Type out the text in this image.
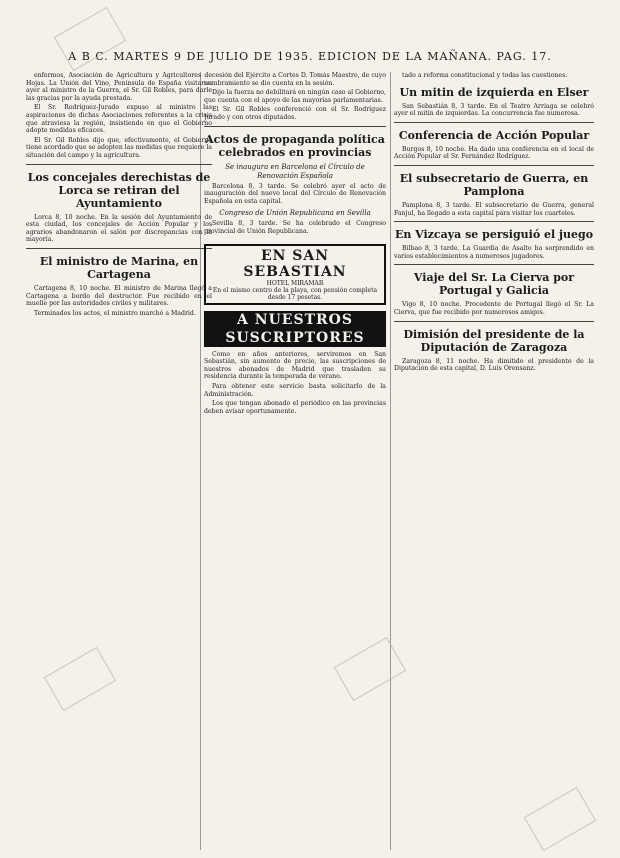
A B C. MARTES 9 DE JULIO DE 1935. EDICION DE LA MAÑANA. PAG. 17.

enfermos, Asociación de Agricultura y Agricultores de Hojas. La Unión del Vino, Peninsula de España visitaron ayer al ministro de la Guerra, el Sr. Gil Robles, para darle las gracias por la ayuda prestada.

El Sr. Rodríguez-Jurado expuso al ministro las aspiraciones de dichas Asociaciones referentes a la crisis que atraviesa la región, insistiendo en que el Gobierno adopte medidas eficaces.

El Sr. Gil Robles dijo que, efectivamente, el Gobierno tiene acordado que se adopten las medidas que requiere la situación del campo y la agricultura.

Los concejales derechistas de Lorca se retiran del Ayuntamiento

Lorca 8, 10 noche. En la sesión del Ayuntamiento de esta ciudad, los concejales de Acción Popular y los agrarios abandonaron el salón por discrepancias con la mayoría.

El ministro de Marina, en Cartagena

Cartagena 8, 10 noche. El ministro de Marina llegó a Cartagena a bordo del destructor. Fue recibido en el muelle por las autoridades civiles y militares.

Terminados los actos, el ministro marchó a Madrid.

cesión del Ejército a Cortes D. Tomás Maestre, de cuyo nombramiento se dio cuenta en la sesión.

Dijo la fuerza no debilitará en ningún caso al Gobierno, que cuenta con el apoyo de las mayorías parlamentarias.

El Sr. Gil Robles conferenció con el Sr. Rodríguez Jurado y con otros diputados.

Actos de propaganda política celebrados en provincias
Se inaugura en Barcelona el Círculo de Renovación Española

Barcelona 8, 3 tarde. Se celebró ayer el acto de inauguración del nuevo local del Círculo de Renovación Española en esta capital.

Congreso de Unión Republicana en Sevilla

Sevilla 8, 3 tarde. Se ha celebrado el Congreso provincial de Unión Republicana.

EN SAN SEBASTIAN
HOTEL MIRAMAR
En el mismo centro de la playa, con pensión completa desde 17 pesetas.
A NUESTROS SUSCRIPTORES

Como en años anteriores, serviremos en San Sebastián, sin aumento de precio, las suscripciones de nuestros abonados de Madrid que trasladen su residencia durante la temporada de verano.

Para obtener este servicio basta solicitarlo de la Administración.

Los que tengan abonado el periódico en las provincias deben avisar oportunamente.

tado a reforma constitucional y todas las cuestiones.

Un mitin de izquierda en Elser

San Sebastián 8, 3 tarde. En el Teatro Arriaga se celebró ayer el mitin de izquierdas. La concurrencia fue numerosa.

Conferencia de Acción Popular

Burgos 8, 10 noche. Ha dado una conferencia en el local de Acción Popular el Sr. Fernández Rodríguez.

El subsecretario de Guerra, en Pamplona

Pamplona 8, 3 tarde. El subsecretario de Guerra, general Fanjul, ha llegado a esta capital para visitar los cuarteles.

En Vizcaya se persiguió el juego

Bilbao 8, 3 tarde. La Guardia de Asalto ha sorprendido en varios establecimientos a numerosos jugadores.

Viaje del Sr. La Cierva por Portugal y Galicia

Vigo 8, 10 noche. Procedente de Portugal llegó el Sr. La Cierva, que fue recibido por numerosos amigos.

Dimisión del presidente de la Diputación de Zaragoza

Zaragoza 8, 11 noche. Ha dimitido el presidente de la Diputación de esta capital, D. Luis Orensanz.
